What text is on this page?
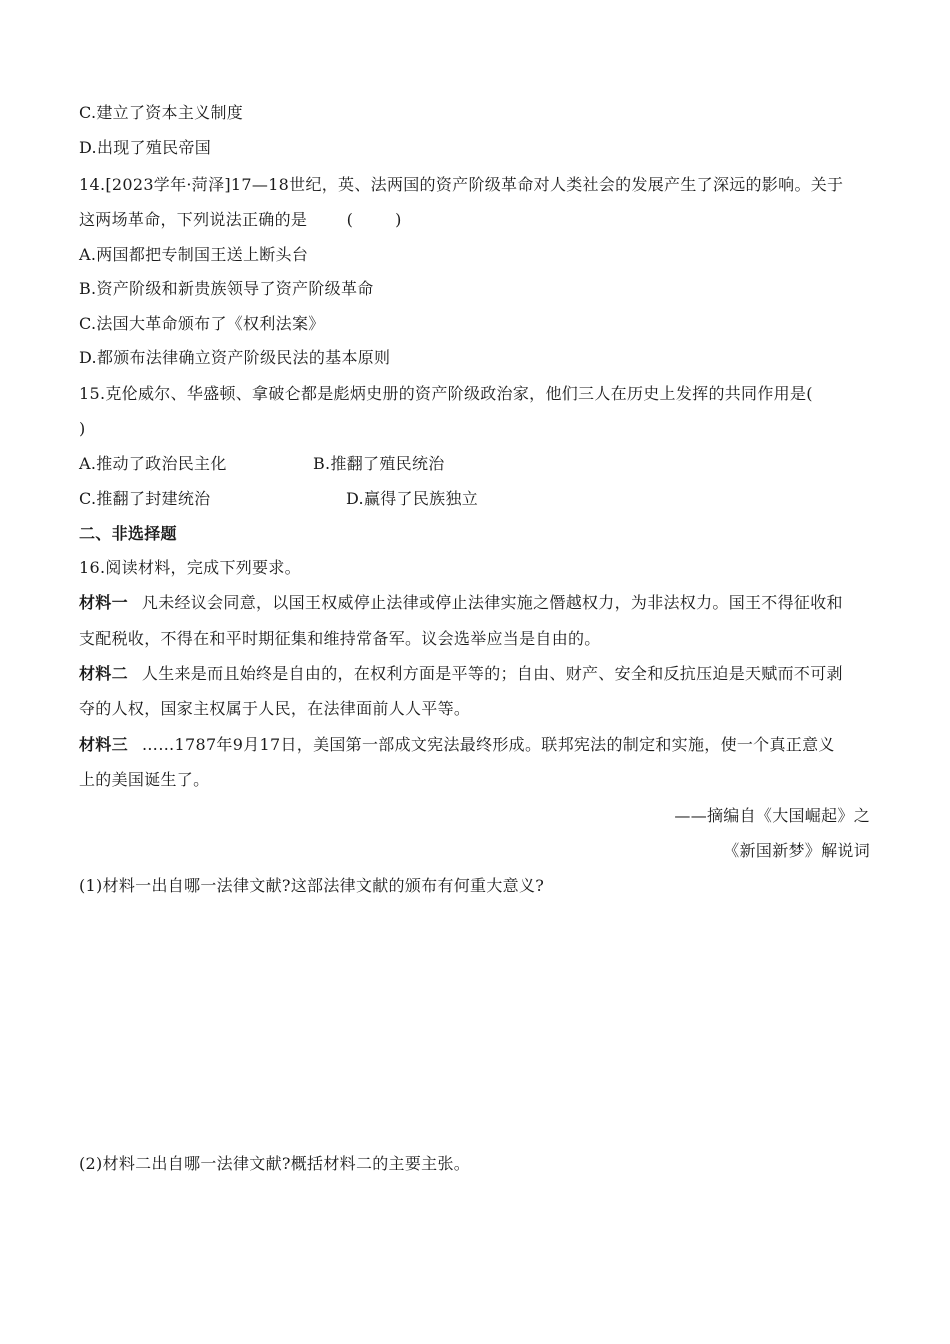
C.建立了资本主义制度
D.出现了殖民帝国
14.[2023学年·菏泽]17—18世纪，英、法两国的资产阶级革命对人类社会的发展产生了深远的影响。关于
这两场革命，下列说法正确的是 (	)
A.两国都把专制国王送上断头台
B.资产阶级和新贵族领导了资产阶级革命
C.法国大革命颁布了《权利法案》
D.都颁布法律确立资产阶级民法的基本原则
15.克伦威尔、华盛顿、拿破仑都是彪炳史册的资产阶级政治家，他们三人在历史上发挥的共同作用是(
)
A.推动了政治民主化	B.推翻了殖民统治
C.推翻了封建统治	D.赢得了民族独立
二、非选择题
16.阅读材料，完成下列要求。
材料一 凡未经议会同意，以国王权威停止法律或停止法律实施之僭越权力，为非法权力。国王不得征收和
支配税收，不得在和平时期征集和维持常备军。议会选举应当是自由的。
材料二 人生来是而且始终是自由的，在权利方面是平等的；自由、财产、安全和反抗压迫是天赋而不可剥
夺的人权，国家主权属于人民，在法律面前人人平等。
材料三 ……1787年9月17日，美国第一部成文宪法最终形成。联邦宪法的制定和实施，使一个真正意义
上的美国诞生了。
——摘编自《大国崛起》之
《新国新梦》解说词
(1)材料一出自哪一法律文献?这部法律文献的颁布有何重大意义?
(2)材料二出自哪一法律文献?概括材料二的主要主张。
